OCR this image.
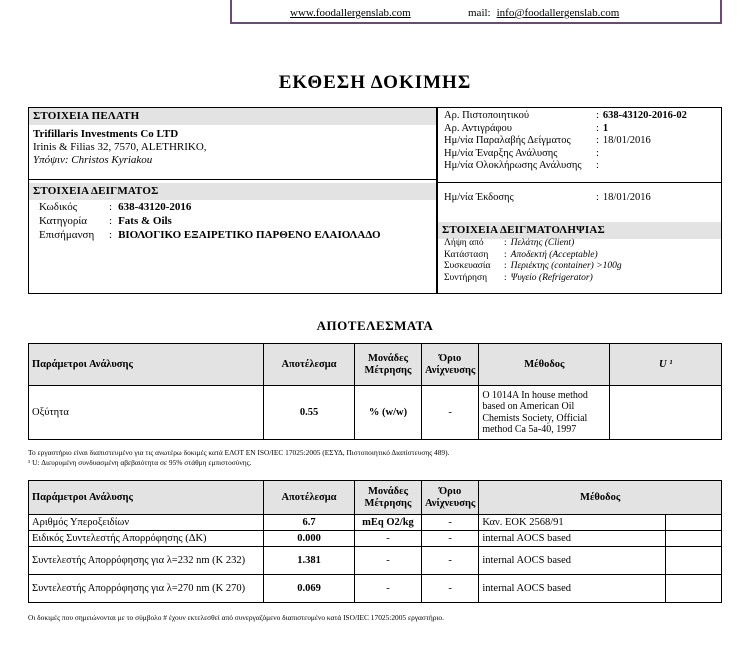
www.foodallergenslab.com	mail: info@foodallergenslab.com
ΕΚΘΕΣΗ ΔΟΚΙΜΗΣ
ΣΤΟΙΧΕΙΑ ΠΕΛΑΤΗ
Trifillaris Investments Co LTD
Irinis & Filias 32, 7570, ALETHRIKO,
Υπόψιν: Christos Kyriakou
ΣΤΟΙΧΕΙΑ ΔΕΙΓΜΑΤΟΣ
Κωδικός	:	638-43120-2016
Κατηγορία	:	Fats & Oils
Επισήμανση	:	ΒΙΟΛΟΓΙΚΟ ΕΞΑΙΡΕΤΙΚΟ ΠΑΡΘΕΝΟ ΕΛΑΙΟΛΑΔΟ
Αρ. Πιστοποιητικού	:	638-43120-2016-02
Αρ. Αντιγράφου	:	1
Ημ/νία Παραλαβής Δείγματος	:	18/01/2016
Ημ/νία Έναρξης Ανάλυσης	:	
Ημ/νία Ολοκλήρωσης Ανάλυσης	:	
Ημ/νία Έκδοσης	:	18/01/2016
ΣΤΟΙΧΕΙΑ ΔΕΙΓΜΑΤΟΛΗΨΙΑΣ
Λήψη από	:	Πελάτης (Client)
Κατάσταση	:	Αποδεκτή (Acceptable)
Συσκευασία	:	Περιέκτης (container) >100g
Συντήρηση	:	Ψυγείο (Refrigerator)
ΑΠΟΤΕΛΕΣΜΑΤΑ
Παράμετροι Ανάλυσης	Αποτέλεσμα	Μονάδες Μέτρησης	Όριο Ανίχνευσης	Μέθοδος	U ¹
Οξύτητα	0.55	% (w/w)	-	O 1014A In house method based on American Oil Chemists Society, Official method Ca 5a-40, 1997	
Το εργαστήριο είναι διαπιστευμένο για τις ανωτέρω δοκιμές κατά ΕΛΟΤ ΕΝ ISO/IEC 17025:2005 (ΕΣΥΔ, Πιστοποιητικό Διαπίστευσης 489).
¹ U: Διευρυμένη συνδυασμένη αβεβαιότητα σε 95% στάθμη εμπιστοσύνης.
Παράμετροι Ανάλυσης	Αποτέλεσμα	Μονάδες Μέτρησης	Όριο Ανίχνευσης	Μέθοδος	
Αριθμός Υπεροξειδίων	6.7	mEq O2/kg	-	Καν. ΕΟΚ 2568/91	
Ειδικός Συντελεστής Απορρόφησης (ΔΚ)	0.000	-	-	internal AOCS based	
Συντελεστής Απορρόφησης για λ=232 nm (K 232)	1.381	-	-	internal AOCS based	
Συντελεστής Απορρόφησης για λ=270 nm (K 270)	0.069	-	-	internal AOCS based	
Οι δοκιμές που σημειώνονται με το σύμβολο # έχουν εκτελεσθεί από συνεργαζόμενο διαπιστευμένο κατά ISO/IEC 17025:2005 εργαστήριο.
